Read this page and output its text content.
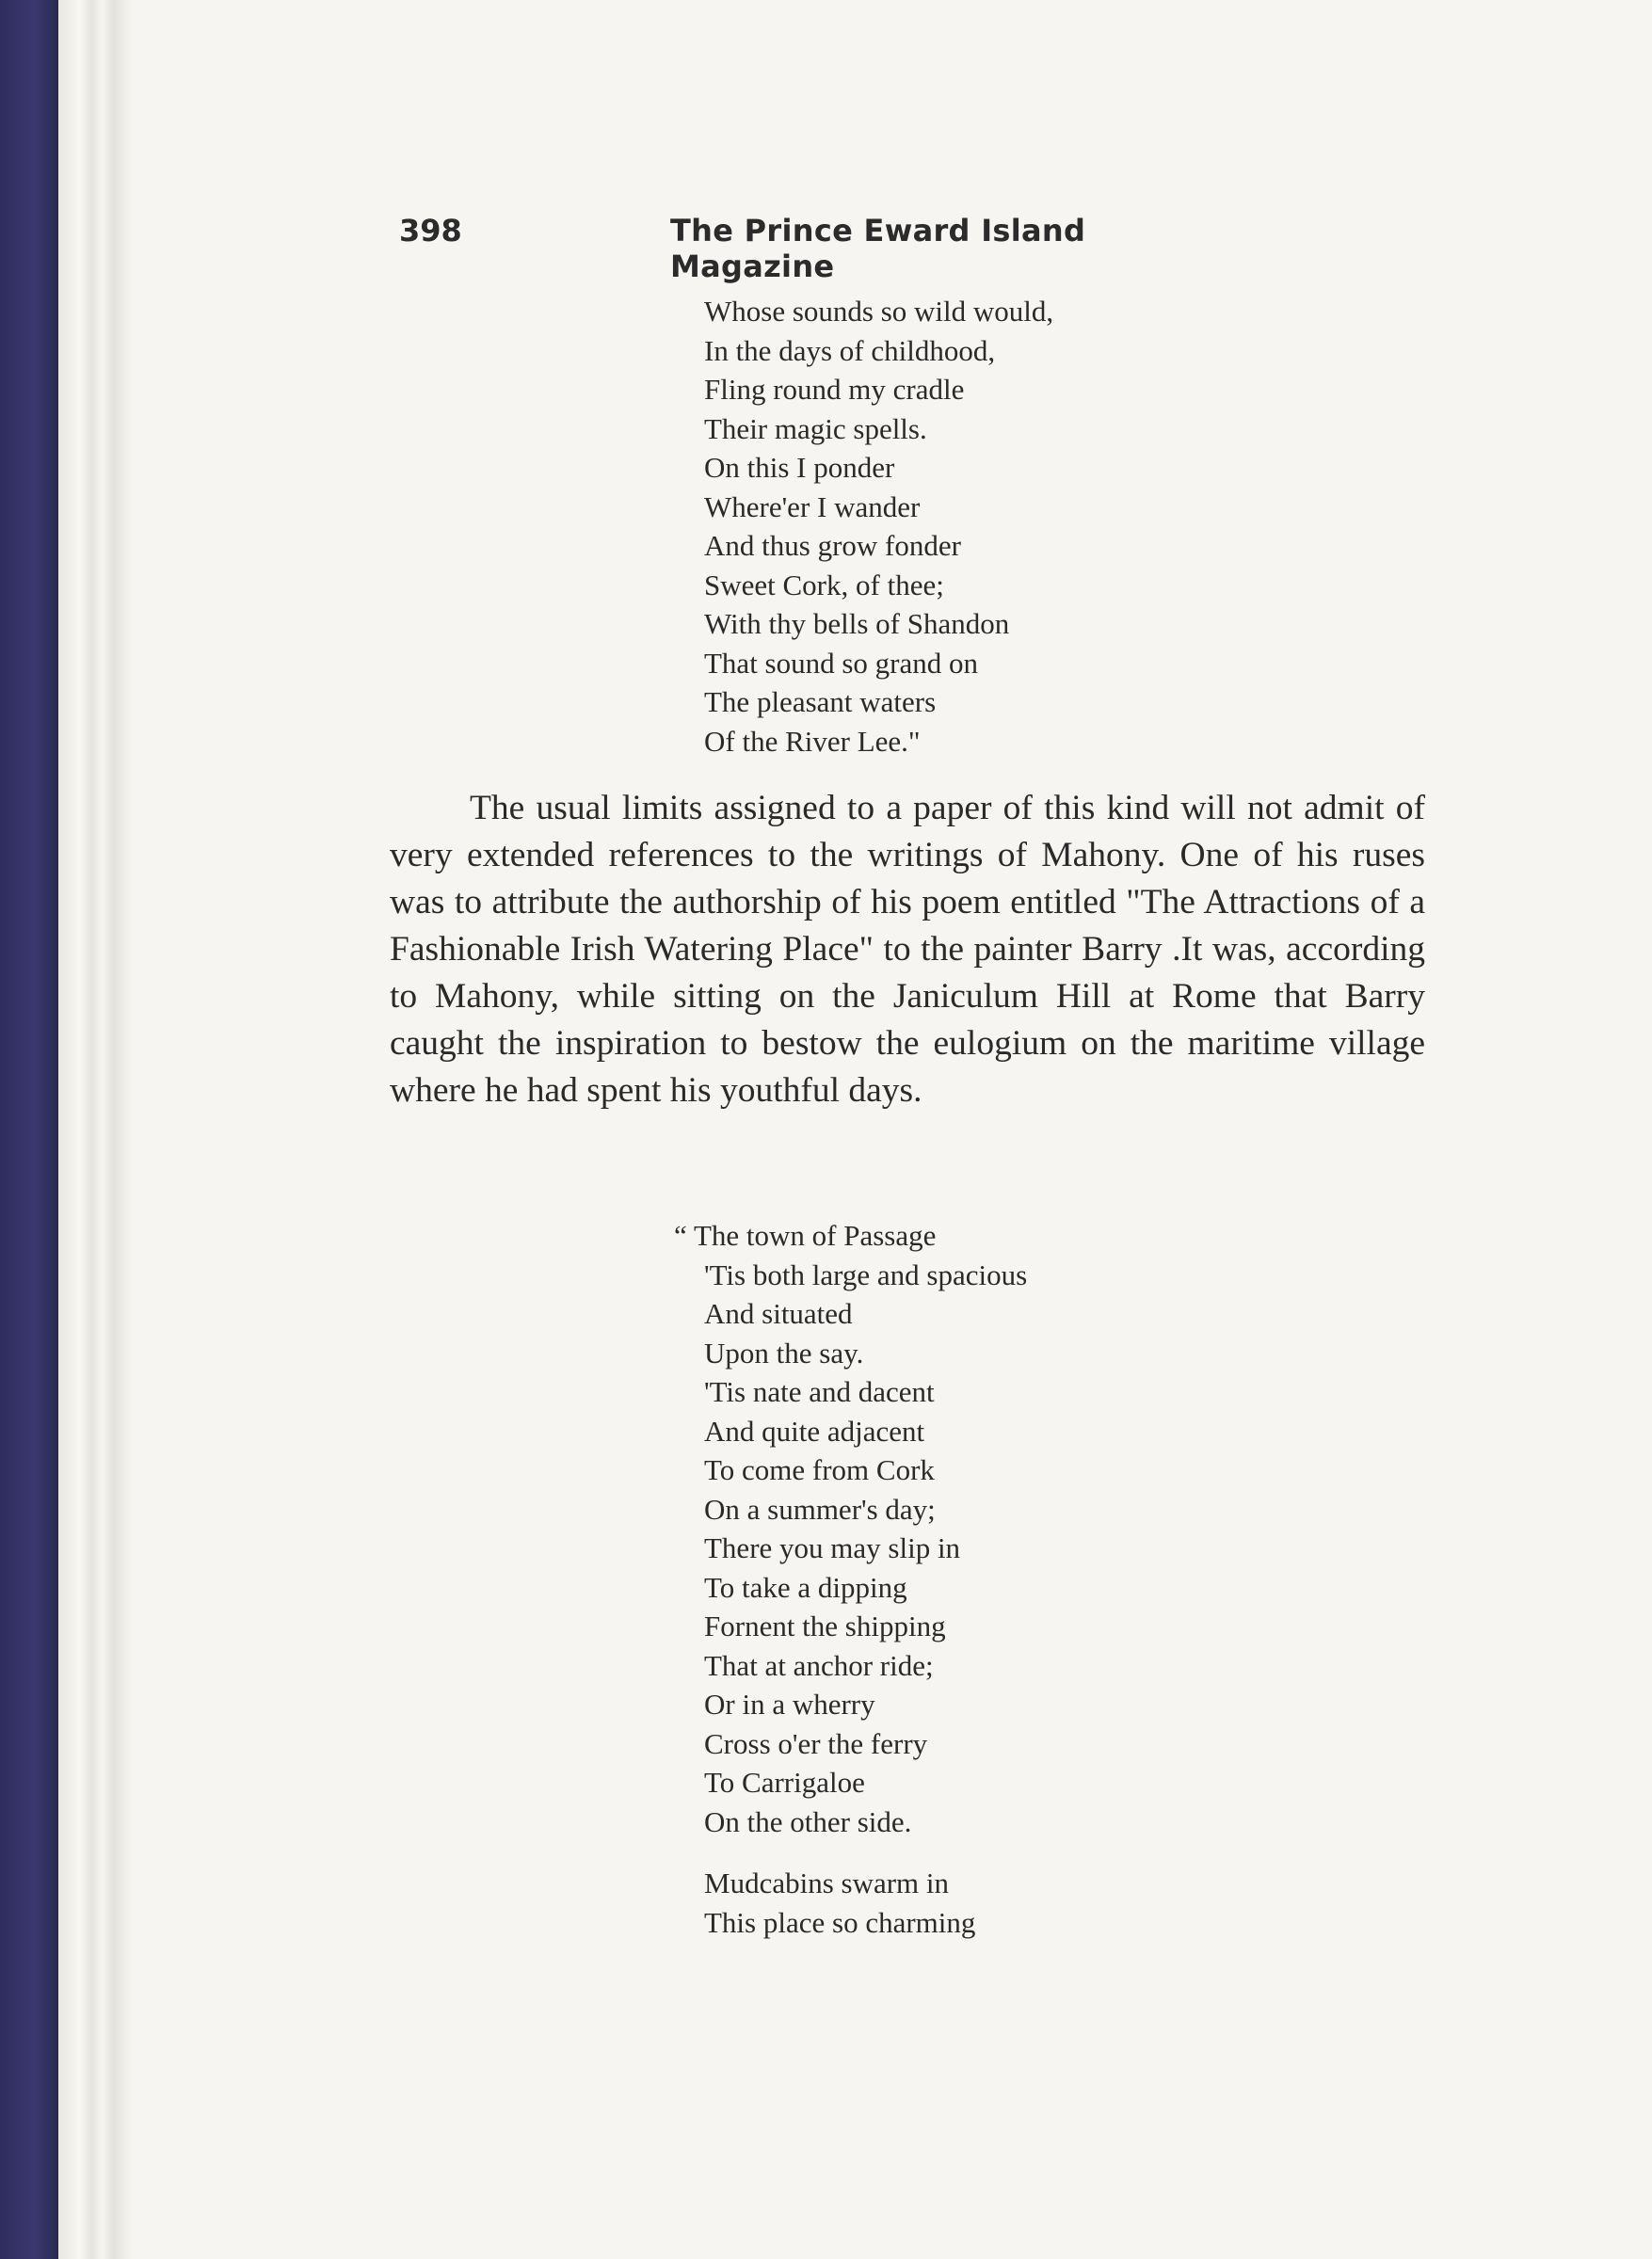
398	The Prince Eward Island Magazine
Whose sounds so wild would,
In the days of childhood,
Fling round my cradle
Their magic spells.
On this I ponder
Where'er I wander
And thus grow fonder
Sweet Cork, of thee;
With thy bells of Shandon
That sound so grand on
The pleasant waters
Of the River Lee."
The usual limits assigned to a paper of this kind will not admit of very extended references to the writings of Mahony. One of his ruses was to attribute the authorship of his poem entitled "The Attractions of a Fashionable Irish Watering Place" to the painter Barry .It was, according to Mahony, while sitting on the Janiculum Hill at Rome that Barry caught the inspiration to bestow the eulogium on the maritime village where he had spent his youthful days.
“ The town of Passage
'Tis both large and spacious
And situated
Upon the say.
'Tis nate and dacent
And quite adjacent
To come from Cork
On a summer's day;
There you may slip in
To take a dipping
Fornent the shipping
That at anchor ride;
Or in a wherry
Cross o'er the ferry
To Carrigaloe
On the other side.
Mudcabins swarm in
This place so charming
